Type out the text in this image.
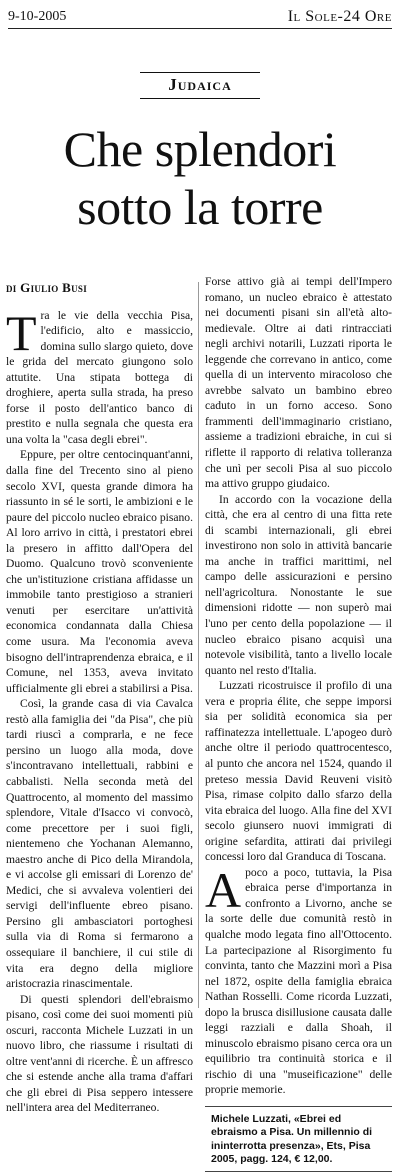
9-10-2005	Il Sole-24 Ore
Judaica
Che splendori
sotto la torre
di Giulio Busi

Tra le vie della vecchia Pisa, l'edificio, alto e massiccio, domina sullo slargo quieto, dove le grida del mercato giungono solo attutite. Una stipata bottega di droghiere, aperta sulla strada, ha preso forse il posto dell'antico banco di prestito e nulla segnala che questa era una volta la "casa degli ebrei".

Eppure, per oltre centocinquant'anni, dalla fine del Trecento sino al pieno secolo XVI, questa grande dimora ha riassunto in sé le sorti, le ambizioni e le paure del piccolo nucleo ebraico pisano. Al loro arrivo in città, i prestatori ebrei la presero in affitto dall'Opera del Duomo. Qualcuno trovò sconveniente che un'istituzione cristiana affidasse un immobile tanto prestigioso a stranieri venuti per esercitare un'attività economica condannata dalla Chiesa come usura. Ma l'economia aveva bisogno dell'intraprendenza ebraica, e il Comune, nel 1353, aveva invitato ufficialmente gli ebrei a stabilirsi a Pisa.

Così, la grande casa di via Cavalca restò alla famiglia dei "da Pisa", che più tardi riuscì a comprarla, e ne fece persino un luogo alla moda, dove s'incontravano intellettuali, rabbini e cabbalisti. Nella seconda metà del Quattrocento, al momento del massimo splendore, Vitale d'Isacco vi convocò, come precettore per i suoi figli, nientemeno che Yochanan Alemanno, maestro anche di Pico della Mirandola, e vi accolse gli emissari di Lorenzo de' Medici, che si avvaleva volentieri dei servigi dell'influente ebreo pisano. Persino gli ambasciatori portoghesi sulla via di Roma si fermarono a ossequiare il banchiere, il cui stile di vita era degno della migliore aristocrazia rinascimentale.

Di questi splendori dell'ebraismo pisano, così come dei suoi momenti più oscuri, racconta Michele Luzzati in un nuovo libro, che riassume i risultati di oltre vent'anni di ricerche. È un affresco che si estende anche alla trama d'affari che gli ebrei di Pisa seppero intessere nell'intera area del Mediterraneo.

Forse attivo già ai tempi dell'Impero romano, un nucleo ebraico è attestato nei documenti pisani sin all'età alto-medievale. Oltre ai dati rintracciati negli archivi notarili, Luzzati riporta le leggende che correvano in antico, come quella di un intervento miracoloso che avrebbe salvato un bambino ebreo caduto in un forno acceso. Sono frammenti dell'immaginario cristiano, assieme a tradizioni ebraiche, in cui si riflette il rapporto di relativa tolleranza che unì per secoli Pisa al suo piccolo ma attivo gruppo giudaico.

In accordo con la vocazione della città, che era al centro di una fitta rete di scambi internazionali, gli ebrei investirono non solo in attività bancarie ma anche in traffici marittimi, nel campo delle assicurazioni e persino nell'agricoltura. Nonostante le sue dimensioni ridotte — non superò mai l'uno per cento della popolazione — il nucleo ebraico pisano acquisì una notevole visibilità, tanto a livello locale quanto nel resto d'Italia.

Luzzati ricostruisce il profilo di una vera e propria élite, che seppe imporsi sia per solidità economica sia per raffinatezza intellettuale. L'apogeo durò anche oltre il periodo quattrocentesco, al punto che ancora nel 1524, quando il preteso messia David Reuveni visitò Pisa, rimase colpito dallo sfarzo della vita ebraica del luogo. Alla fine del XVI secolo giunsero nuovi immigrati di origine sefardita, attirati dai privilegi concessi loro dal Granduca di Toscana.

Apoco a poco, tuttavia, la Pisa ebraica perse d'importanza in confronto a Livorno, anche se la sorte delle due comunità restò in qualche modo legata fino all'Ottocento. La partecipazione al Risorgimento fu convinta, tanto che Mazzini morì a Pisa nel 1872, ospite della famiglia ebraica Nathan Rosselli. Come ricorda Luzzati, dopo la brusca disillusione causata dalle leggi razziali e dalla Shoah, il minuscolo ebraismo pisano cerca ora un equilibrio tra continuità storica e il rischio di una "museificazione" delle proprie memorie.

Michele Luzzati, «Ebrei ed ebraismo a Pisa. Un millennio di ininterrotta presenza», Ets, Pisa 2005, pagg. 124, € 12,00.
